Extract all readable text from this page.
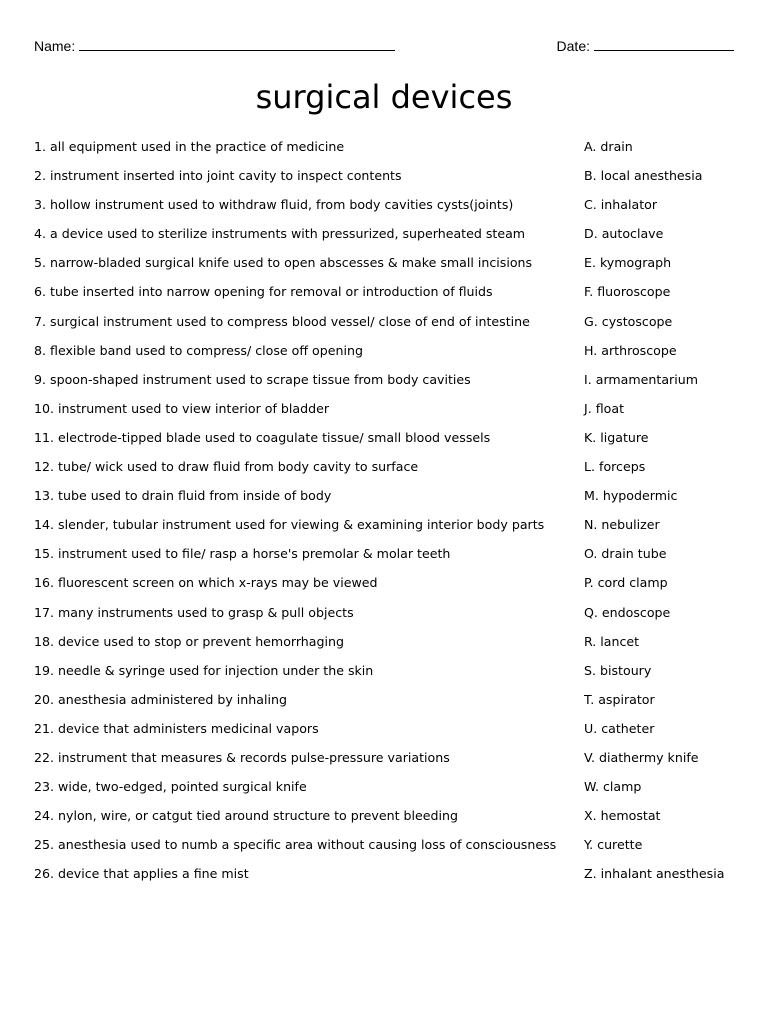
Name:	Date:
surgical devices
1. all equipment used in the practice of medicine	A. drain
2. instrument inserted into joint cavity to inspect contents	B. local anesthesia
3. hollow instrument used to withdraw fluid, from body cavities cysts(joints)	C. inhalator
4. a device used to sterilize instruments with pressurized, superheated steam	D. autoclave
5. narrow-bladed surgical knife used to open abscesses & make small incisions	E. kymograph
6. tube inserted into narrow opening for removal or introduction of fluids	F. fluoroscope
7. surgical instrument used to compress blood vessel/ close of end of intestine	G. cystoscope
8. flexible band used to compress/ close off opening	H. arthroscope
9. spoon-shaped instrument used to scrape tissue from body cavities	I. armamentarium
10. instrument used to view interior of bladder	J. float
11. electrode-tipped blade used to coagulate tissue/ small blood vessels	K. ligature
12. tube/ wick used to draw fluid from body cavity to surface	L. forceps
13. tube used to drain fluid from inside of body	M. hypodermic
14. slender, tubular instrument used for viewing & examining interior body parts	N. nebulizer
15. instrument used to file/ rasp a horse's premolar & molar teeth	O. drain tube
16. fluorescent screen on which x-rays may be viewed	P. cord clamp
17. many instruments used to grasp & pull objects	Q. endoscope
18. device used to stop or prevent hemorrhaging	R. lancet
19. needle & syringe used for injection under the skin	S. bistoury
20. anesthesia administered by inhaling	T. aspirator
21. device that administers medicinal vapors	U. catheter
22. instrument that measures & records pulse-pressure variations	V. diathermy knife
23. wide, two-edged, pointed surgical knife	W. clamp
24. nylon, wire, or catgut tied around structure to prevent bleeding	X. hemostat
25. anesthesia used to numb a specific area without causing loss of consciousness Y. curette
26. device that applies a fine mist	Z. inhalant anesthesia
